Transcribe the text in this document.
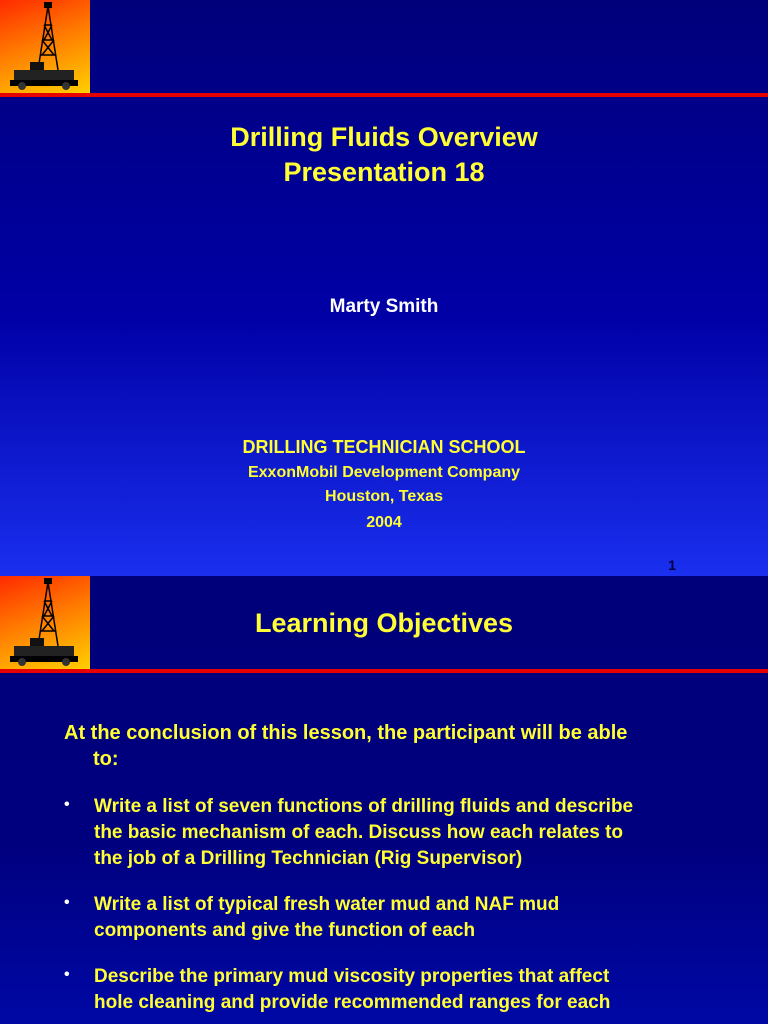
Drilling Fluids Overview
Presentation 18
Marty Smith
DRILLING TECHNICIAN SCHOOL
ExxonMobil Development Company
Houston, Texas
2004
1
Learning Objectives
At the conclusion of this lesson, the participant will be able
to:
• Write a list of seven functions of drilling fluids and describe
the basic mechanism of each. Discuss how each relates to
the job of a Drilling Technician (Rig Supervisor)
• Write a list of typical fresh water mud and NAF mud
components and give the function of each
• Describe the primary mud viscosity properties that affect
hole cleaning and provide recommended ranges for each
